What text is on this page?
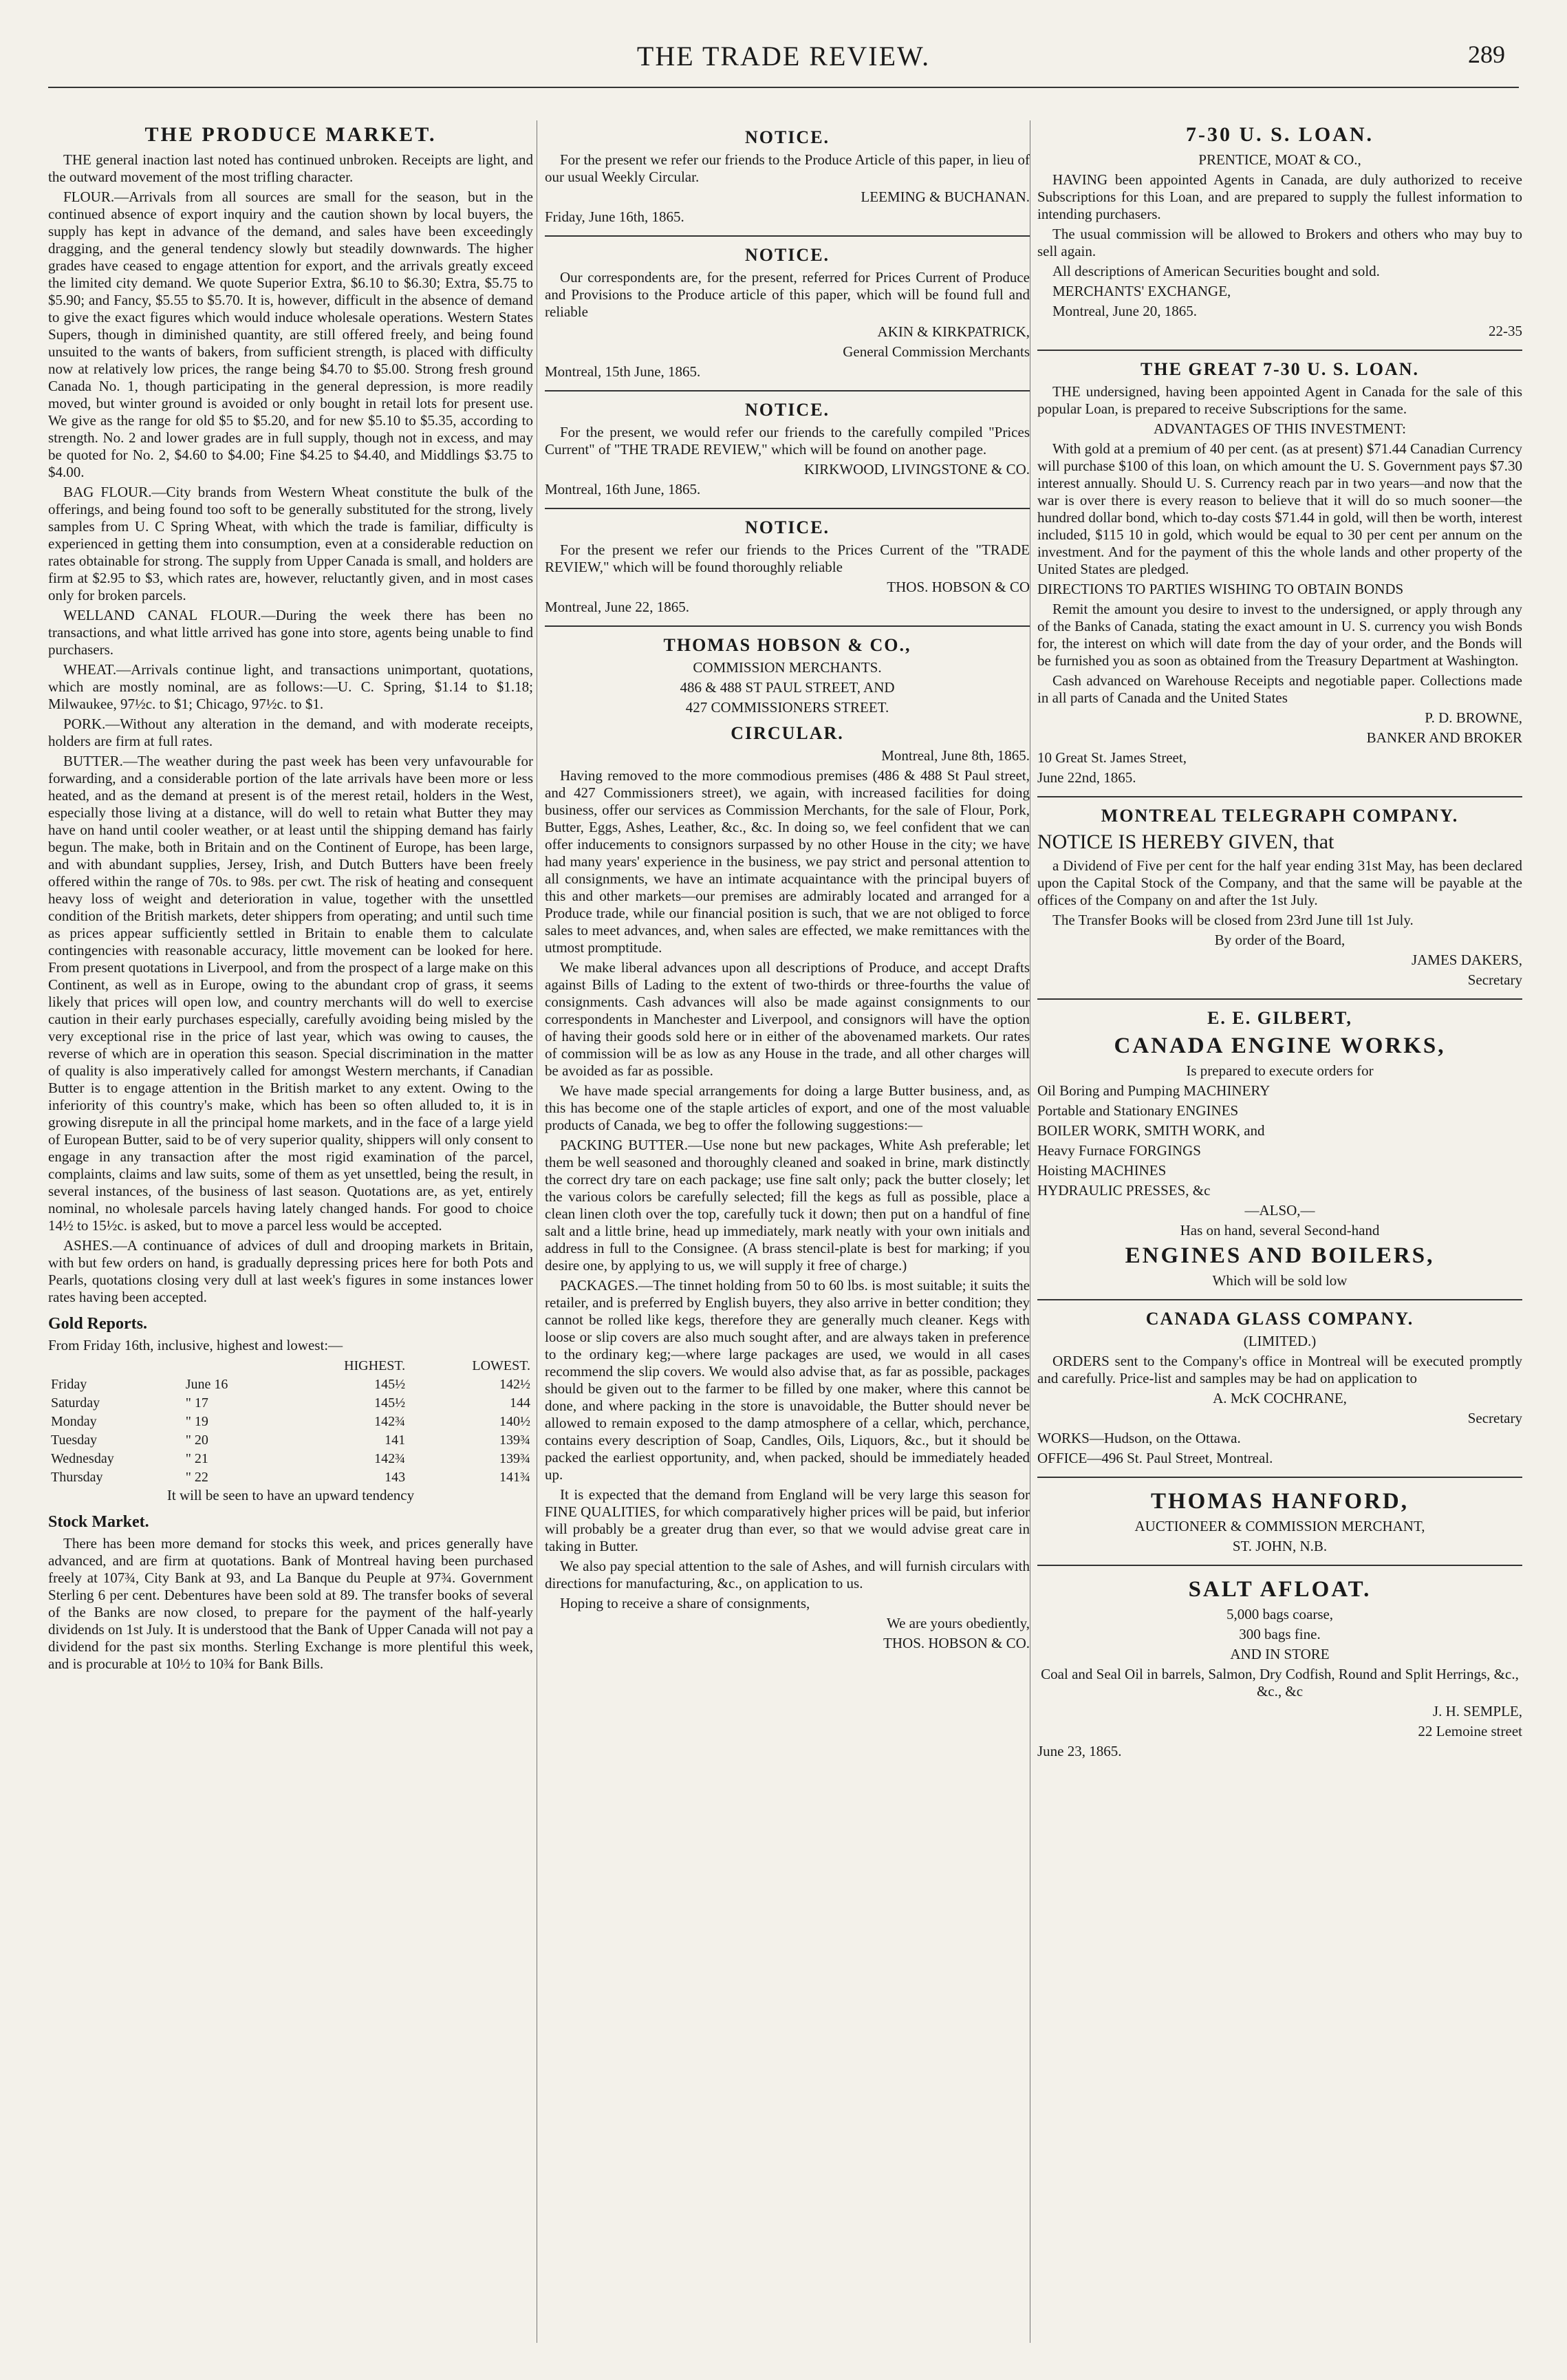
THE TRADE REVIEW.	289
THE PRODUCE MARKET.

THE general inaction last noted has continued unbroken. Receipts are light, and the outward movement of the most trifling character.

FLOUR.—Arrivals from all sources are small for the season, but in the continued absence of export inquiry and the caution shown by local buyers, the supply has kept in advance of the demand, and sales have been exceedingly dragging, and the general tendency slowly but steadily downwards. The higher grades have ceased to engage attention for export, and the arrivals greatly exceed the limited city demand. We quote Superior Extra, $6.10 to $6.30; Extra, $5.75 to $5.90; and Fancy, $5.55 to $5.70. It is, however, difficult in the absence of demand to give the exact figures which would induce wholesale operations. Western States Supers, though in diminished quantity, are still offered freely, and being found unsuited to the wants of bakers, from sufficient strength, is placed with difficulty now at relatively low prices, the range being $4.70 to $5.00. Strong fresh ground Canada No. 1, though participating in the general depression, is more readily moved, but winter ground is avoided or only bought in retail lots for present use. We give as the range for old $5 to $5.20, and for new $5.10 to $5.35, according to strength. No. 2 and lower grades are in full supply, though not in excess, and may be quoted for No. 2, $4.60 to $4.00; Fine $4.25 to $4.40, and Middlings $3.75 to $4.00.

BAG FLOUR.—City brands from Western Wheat constitute the bulk of the offerings, and being found too soft to be generally substituted for the strong, lively samples from U. C Spring Wheat, with which the trade is familiar, difficulty is experienced in getting them into consumption, even at a considerable reduction on rates obtainable for strong. The supply from Upper Canada is small, and holders are firm at $2.95 to $3, which rates are, however, reluctantly given, and in most cases only for broken parcels.

WELLAND CANAL FLOUR.—During the week there has been no transactions, and what little arrived has gone into store, agents being unable to find purchasers.

WHEAT.—Arrivals continue light, and transactions unimportant, quotations, which are mostly nominal, are as follows:—U. C. Spring, $1.14 to $1.18; Milwaukee, 97½c. to $1; Chicago, 97½c. to $1.

PORK.—Without any alteration in the demand, and with moderate receipts, holders are firm at full rates.

BUTTER.—The weather during the past week has been very unfavourable for forwarding, and a considerable portion of the late arrivals have been more or less heated, and as the demand at present is of the merest retail, holders in the West, especially those living at a distance, will do well to retain what Butter they may have on hand until cooler weather, or at least until the shipping demand has fairly begun. The make, both in Britain and on the Continent of Europe, has been large, and with abundant supplies, Jersey, Irish, and Dutch Butters have been freely offered within the range of 70s. to 98s. per cwt. The risk of heating and consequent heavy loss of weight and deterioration in value, together with the unsettled condition of the British markets, deter shippers from operating; and until such time as prices appear sufficiently settled in Britain to enable them to calculate contingencies with reasonable accuracy, little movement can be looked for here. From present quotations in Liverpool, and from the prospect of a large make on this Continent, as well as in Europe, owing to the abundant crop of grass, it seems likely that prices will open low, and country merchants will do well to exercise caution in their early purchases especially, carefully avoiding being misled by the very exceptional rise in the price of last year, which was owing to causes, the reverse of which are in operation this season. Special discrimination in the matter of quality is also imperatively called for amongst Western merchants, if Canadian Butter is to engage attention in the British market to any extent. Owing to the inferiority of this country's make, which has been so often alluded to, it is in growing disrepute in all the principal home markets, and in the face of a large yield of European Butter, said to be of very superior quality, shippers will only consent to engage in any transaction after the most rigid examination of the parcel, complaints, claims and law suits, some of them as yet unsettled, being the result, in several instances, of the business of last season. Quotations are, as yet, entirely nominal, no wholesale parcels having lately changed hands. For good to choice 14½ to 15½c. is asked, but to move a parcel less would be accepted.

ASHES.—A continuance of advices of dull and drooping markets in Britain, with but few orders on hand, is gradually depressing prices here for both Pots and Pearls, quotations closing very dull at last week's figures in some instances lower rates having been accepted.

Gold Reports.

From Friday 16th, inclusive, highest and lowest:—

		HIGHEST.	LOWEST.
Friday	June 16	145½	142½
Saturday	" 17	145½	144
Monday	" 19	142¾	140½
Tuesday	" 20	141	139¾
Wednesday	" 21	142¾	139¾
Thursday	" 22	143	141¾

It will be seen to have an upward tendency

Stock Market.

There has been more demand for stocks this week, and prices generally have advanced, and are firm at quotations. Bank of Montreal having been purchased freely at 107¾, City Bank at 93, and La Banque du Peuple at 97¾. Government Sterling 6 per cent. Debentures have been sold at 89. The transfer books of several of the Banks are now closed, to prepare for the payment of the half-yearly dividends on 1st July. It is understood that the Bank of Upper Canada will not pay a dividend for the past six months. Sterling Exchange is more plentiful this week, and is procurable at 10½ to 10¾ for Bank Bills.

NOTICE.

For the present we refer our friends to the Produce Article of this paper, in lieu of our usual Weekly Circular.

LEEMING & BUCHANAN.

Friday, June 16th, 1865.

NOTICE.

Our correspondents are, for the present, referred for Prices Current of Produce and Provisions to the Produce article of this paper, which will be found full and reliable

AKIN & KIRKPATRICK,

General Commission Merchants

Montreal, 15th June, 1865.

NOTICE.

For the present, we would refer our friends to the carefully compiled "Prices Current" of "THE TRADE REVIEW," which will be found on another page.

KIRKWOOD, LIVINGSTONE & CO.

Montreal, 16th June, 1865.

NOTICE.

For the present we refer our friends to the Prices Current of the "TRADE REVIEW," which will be found thoroughly reliable

THOS. HOBSON & CO

Montreal, June 22, 1865.

THOMAS HOBSON & CO.,

COMMISSION MERCHANTS.

486 & 488 ST PAUL STREET, AND

427 COMMISSIONERS STREET.

CIRCULAR.

Montreal, June 8th, 1865.

Having removed to the more commodious premises (486 & 488 St Paul street, and 427 Commissioners street), we again, with increased facilities for doing business, offer our services as Commission Merchants, for the sale of Flour, Pork, Butter, Eggs, Ashes, Leather, &c., &c. In doing so, we feel confident that we can offer inducements to consignors surpassed by no other House in the city; we have had many years' experience in the business, we pay strict and personal attention to all consignments, we have an intimate acquaintance with the principal buyers of this and other markets—our premises are admirably located and arranged for a Produce trade, while our financial position is such, that we are not obliged to force sales to meet advances, and, when sales are effected, we make remittances with the utmost promptitude.

We make liberal advances upon all descriptions of Produce, and accept Drafts against Bills of Lading to the extent of two-thirds or three-fourths the value of consignments. Cash advances will also be made against consignments to our correspondents in Manchester and Liverpool, and consignors will have the option of having their goods sold here or in either of the abovenamed markets. Our rates of commission will be as low as any House in the trade, and all other charges will be avoided as far as possible.

We have made special arrangements for doing a large Butter business, and, as this has become one of the staple articles of export, and one of the most valuable products of Canada, we beg to offer the following suggestions:—

PACKING BUTTER.—Use none but new packages, White Ash preferable; let them be well seasoned and thoroughly cleaned and soaked in brine, mark distinctly the correct dry tare on each package; use fine salt only; pack the butter closely; let the various colors be carefully selected; fill the kegs as full as possible, place a clean linen cloth over the top, carefully tuck it down; then put on a handful of fine salt and a little brine, head up immediately, mark neatly with your own initials and address in full to the Consignee. (A brass stencil-plate is best for marking; if you desire one, by applying to us, we will supply it free of charge.)

PACKAGES.—The tinnet holding from 50 to 60 lbs. is most suitable; it suits the retailer, and is preferred by English buyers, they also arrive in better condition; they cannot be rolled like kegs, therefore they are generally much cleaner. Kegs with loose or slip covers are also much sought after, and are always taken in preference to the ordinary keg;—where large packages are used, we would in all cases recommend the slip covers. We would also advise that, as far as possible, packages should be given out to the farmer to be filled by one maker, where this cannot be done, and where packing in the store is unavoidable, the Butter should never be allowed to remain exposed to the damp atmosphere of a cellar, which, perchance, contains every description of Soap, Candles, Oils, Liquors, &c., but it should be packed the earliest opportunity, and, when packed, should be immediately headed up.

It is expected that the demand from England will be very large this season for FINE QUALITIES, for which comparatively higher prices will be paid, but inferior will probably be a greater drug than ever, so that we would advise great care in taking in Butter.

We also pay special attention to the sale of Ashes, and will furnish circulars with directions for manufacturing, &c., on application to us.

Hoping to receive a share of consignments,

We are yours obediently,

THOS. HOBSON & CO.

7-30 U. S. LOAN.

PRENTICE, MOAT & CO.,

HAVING been appointed Agents in Canada, are duly authorized to receive Subscriptions for this Loan, and are prepared to supply the fullest information to intending purchasers.

The usual commission will be allowed to Brokers and others who may buy to sell again.

All descriptions of American Securities bought and sold.

MERCHANTS' EXCHANGE,

Montreal, June 20, 1865.

22-35

THE GREAT 7-30 U. S. LOAN.

THE undersigned, having been appointed Agent in Canada for the sale of this popular Loan, is prepared to receive Subscriptions for the same.

ADVANTAGES OF THIS INVESTMENT:

With gold at a premium of 40 per cent. (as at present) $71.44 Canadian Currency will purchase $100 of this loan, on which amount the U. S. Government pays $7.30 interest annually. Should U. S. Currency reach par in two years—and now that the war is over there is every reason to believe that it will do so much sooner—the hundred dollar bond, which to-day costs $71.44 in gold, will then be worth, interest included, $115 10 in gold, which would be equal to 30 per cent per annum on the investment. And for the payment of this the whole lands and other property of the United States are pledged.

DIRECTIONS TO PARTIES WISHING TO OBTAIN BONDS

Remit the amount you desire to invest to the undersigned, or apply through any of the Banks of Canada, stating the exact amount in U. S. currency you wish Bonds for, the interest on which will date from the day of your order, and the Bonds will be furnished you as soon as obtained from the Treasury Department at Washington.

Cash advanced on Warehouse Receipts and negotiable paper. Collections made in all parts of Canada and the United States

P. D. BROWNE,

BANKER AND BROKER

10 Great St. James Street,

June 22nd, 1865.

MONTREAL TELEGRAPH COMPANY.

NOTICE IS HEREBY GIVEN, that

a Dividend of Five per cent for the half year ending 31st May, has been declared upon the Capital Stock of the Company, and that the same will be payable at the offices of the Company on and after the 1st July.

The Transfer Books will be closed from 23rd June till 1st July.

By order of the Board,

JAMES DAKERS,

Secretary

E. E. GILBERT,

CANADA ENGINE WORKS,

Is prepared to execute orders for

Oil Boring and Pumping MACHINERY

Portable and Stationary ENGINES

BOILER WORK, SMITH WORK, and

Heavy Furnace FORGINGS

Hoisting MACHINES

HYDRAULIC PRESSES, &c

—ALSO,—

Has on hand, several Second-hand

ENGINES AND BOILERS,

Which will be sold low

CANADA GLASS COMPANY.

(LIMITED.)

ORDERS sent to the Company's office in Montreal will be executed promptly and carefully. Price-list and samples may be had on application to

A. McK COCHRANE,

Secretary

WORKS—Hudson, on the Ottawa.

OFFICE—496 St. Paul Street, Montreal.

THOMAS HANFORD,

AUCTIONEER & COMMISSION MERCHANT,

ST. JOHN, N.B.

SALT AFLOAT.

5,000 bags coarse,

300 bags fine.

AND IN STORE

Coal and Seal Oil in barrels, Salmon, Dry Codfish, Round and Split Herrings, &c., &c., &c

J. H. SEMPLE,

22 Lemoine street

June 23, 1865.
